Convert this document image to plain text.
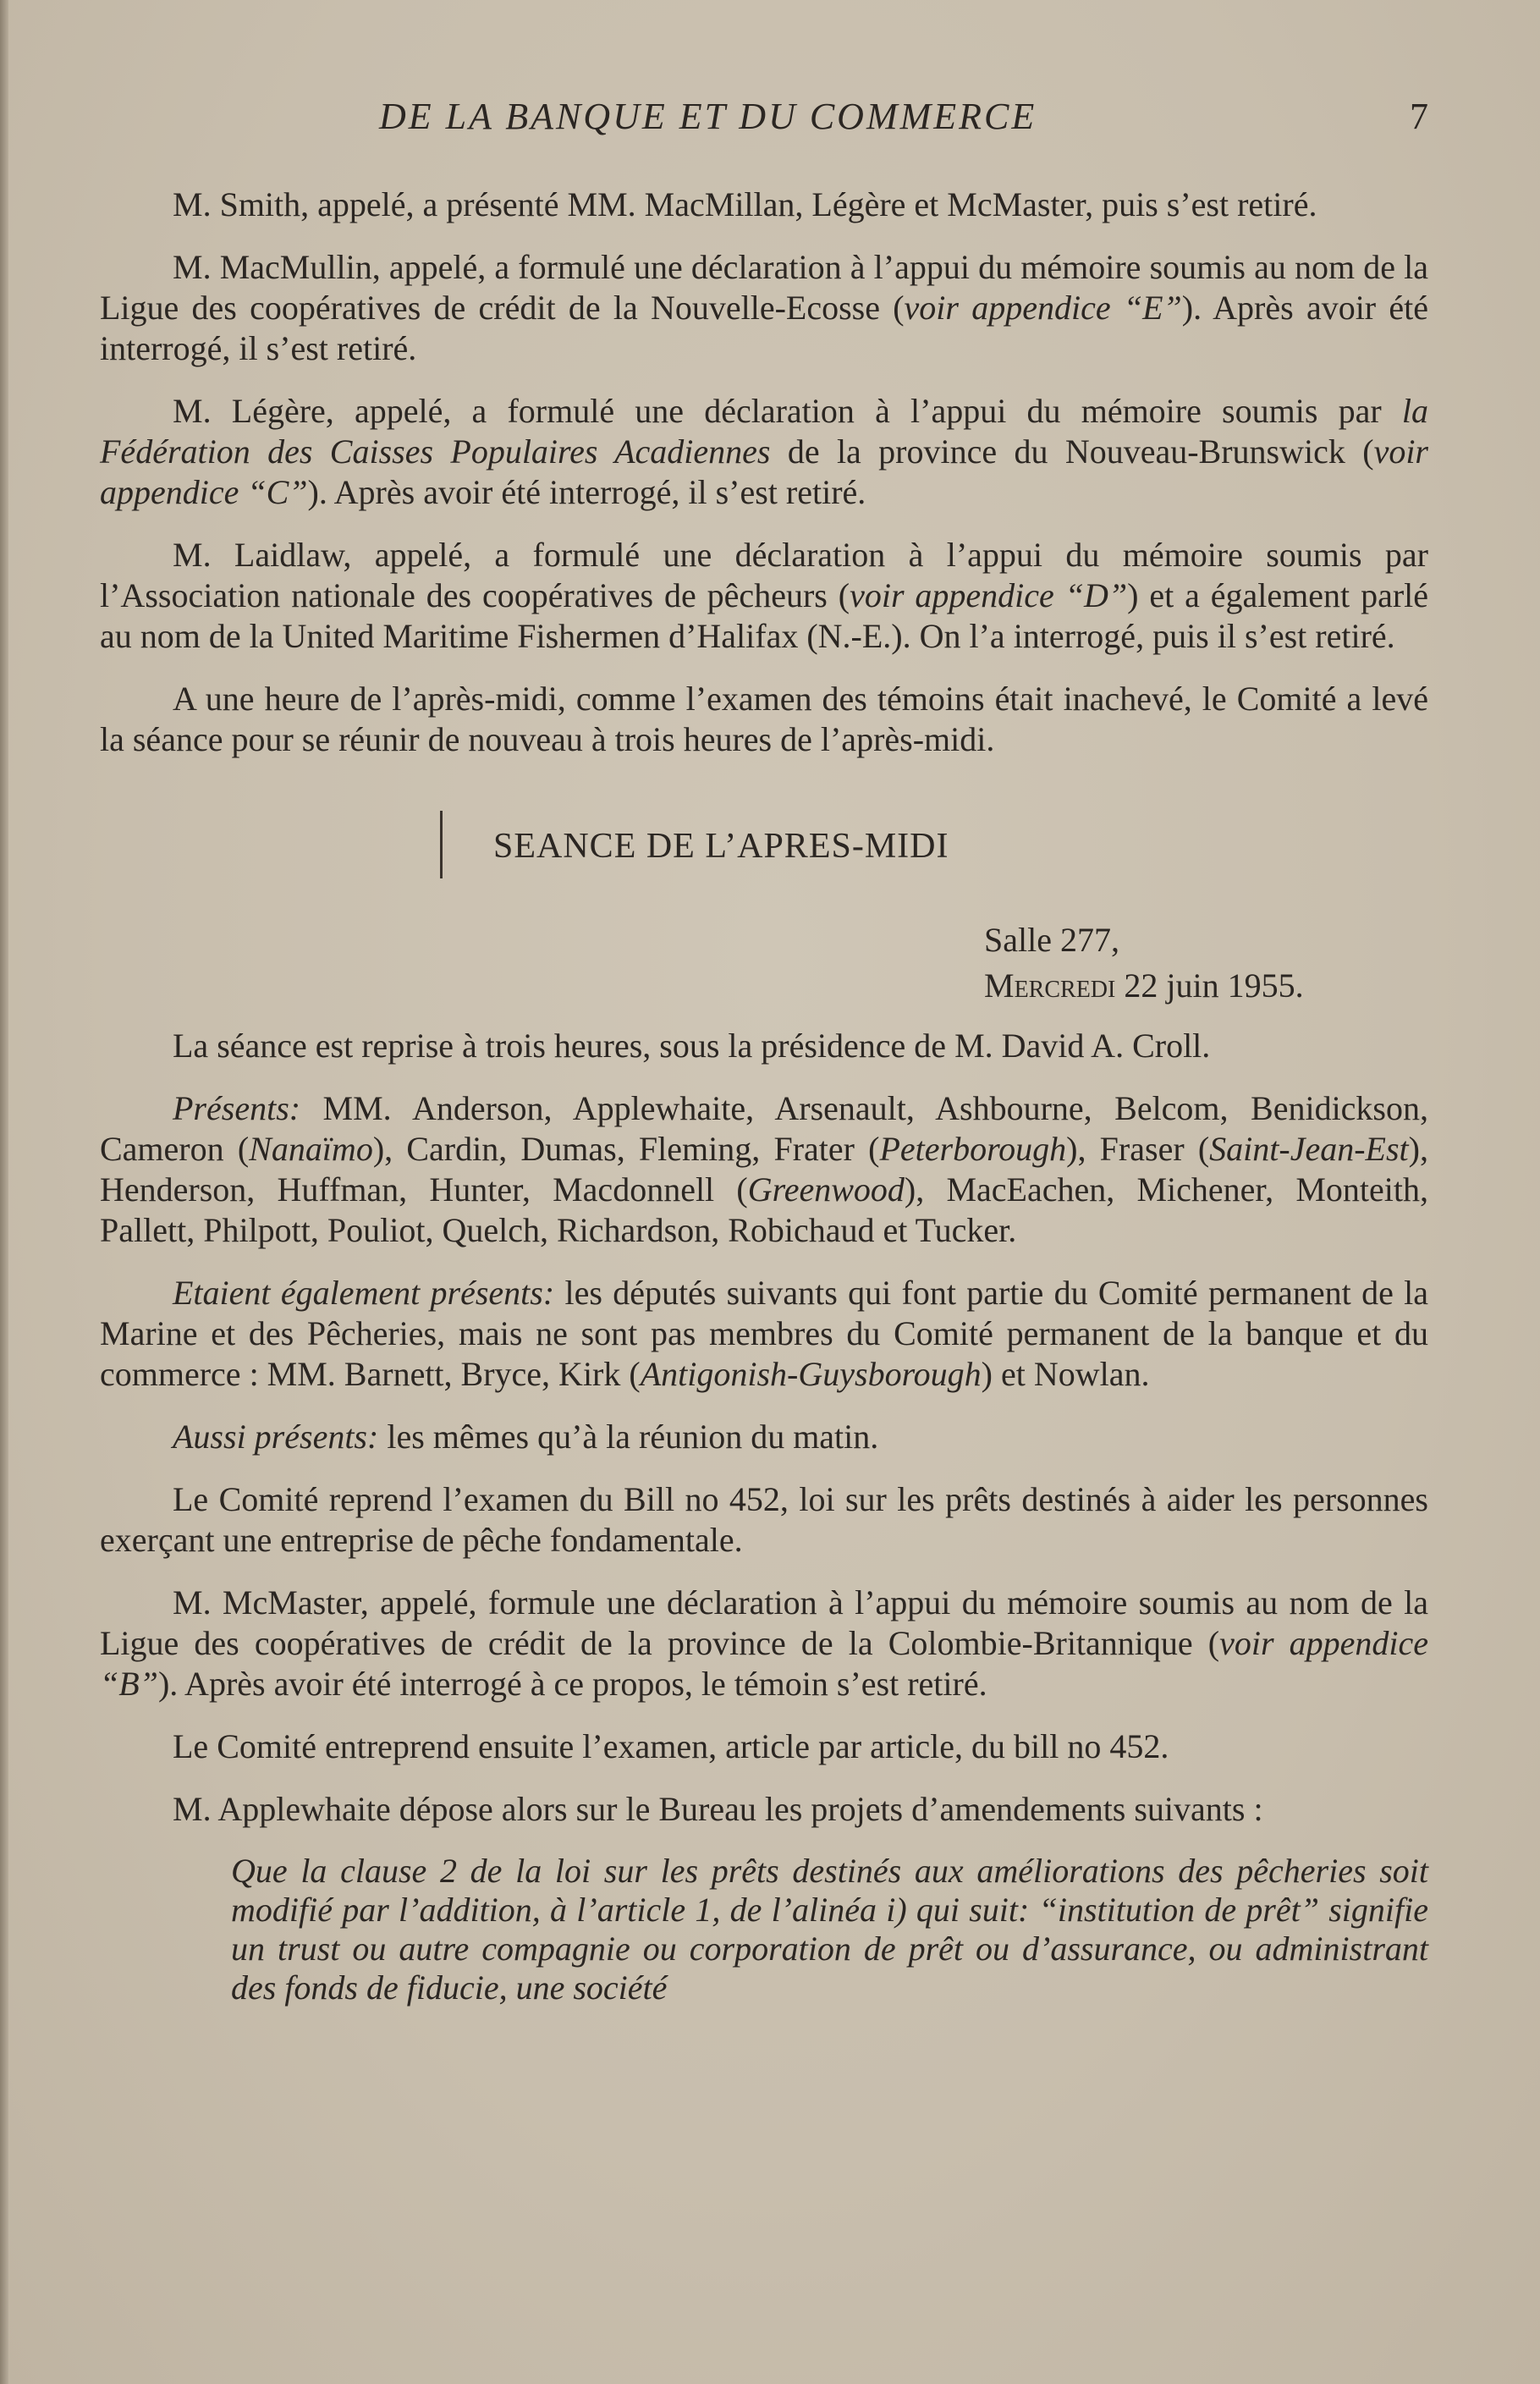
DE LA BANQUE ET DU COMMERCE	7

M. Smith, appelé, a présenté MM. MacMillan, Légère et McMaster, puis s’est retiré.

M. MacMullin, appelé, a formulé une déclaration à l’appui du mémoire soumis au nom de la Ligue des coopératives de crédit de la Nouvelle-Ecosse (voir appendice “E”). Après avoir été interrogé, il s’est retiré.

M. Légère, appelé, a formulé une déclaration à l’appui du mémoire soumis par la Fédération des Caisses Populaires Acadiennes de la province du Nouveau-Brunswick (voir appendice “C”). Après avoir été interrogé, il s’est retiré.

M. Laidlaw, appelé, a formulé une déclaration à l’appui du mémoire soumis par l’Association nationale des coopératives de pêcheurs (voir appendice “D”) et a également parlé au nom de la United Maritime Fishermen d’Halifax (N.-E.). On l’a interrogé, puis il s’est retiré.

A une heure de l’après-midi, comme l’examen des témoins était inachevé, le Comité a levé la séance pour se réunir de nouveau à trois heures de l’après-midi.

SEANCE DE L’APRES-MIDI
Salle 277,
Mercredi 22 juin 1955.

La séance est reprise à trois heures, sous la présidence de M. David A. Croll.

Présents: MM. Anderson, Applewhaite, Arsenault, Ashbourne, Belcom, Benidickson, Cameron (Nanaïmo), Cardin, Dumas, Fleming, Frater (Peterborough), Fraser (Saint-Jean-Est), Henderson, Huffman, Hunter, Macdonnell (Greenwood), MacEachen, Michener, Monteith, Pallett, Philpott, Pouliot, Quelch, Richardson, Robichaud et Tucker.

Etaient également présents: les députés suivants qui font partie du Comité permanent de la Marine et des Pêcheries, mais ne sont pas membres du Comité permanent de la banque et du commerce : MM. Barnett, Bryce, Kirk (Antigonish-Guysborough) et Nowlan.

Aussi présents: les mêmes qu’à la réunion du matin.

Le Comité reprend l’examen du Bill no 452, loi sur les prêts destinés à aider les personnes exerçant une entreprise de pêche fondamentale.

M. McMaster, appelé, formule une déclaration à l’appui du mémoire soumis au nom de la Ligue des coopératives de crédit de la province de la Colombie-Britannique (voir appendice “B”). Après avoir été interrogé à ce propos, le témoin s’est retiré.

Le Comité entreprend ensuite l’examen, article par article, du bill no 452.

M. Applewhaite dépose alors sur le Bureau les projets d’amendements suivants :

Que la clause 2 de la loi sur les prêts destinés aux améliorations des pêcheries soit modifié par l’addition, à l’article 1, de l’alinéa i) qui suit: “institution de prêt” signifie un trust ou autre compagnie ou corporation de prêt ou d’assurance, ou administrant des fonds de fiducie, une société
